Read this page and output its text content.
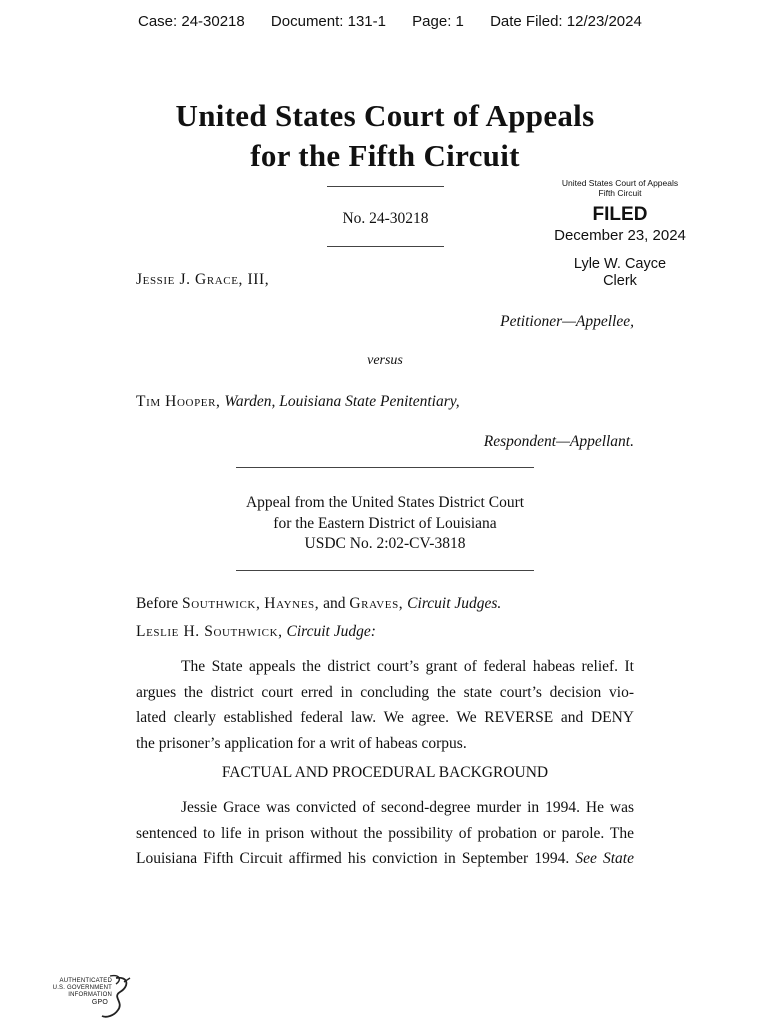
Case: 24-30218 Document: 131-1 Page: 1 Date Filed: 12/23/2024
United States Court of Appeals
for the Fifth Circuit
No. 24-30218
United States Court of Appeals
Fifth Circuit
FILED
December 23, 2024
Lyle W. Cayce
Clerk
Jessie J. Grace, III,
Petitioner—Appellee,
versus
Tim Hooper, Warden, Louisiana State Penitentiary,
Respondent—Appellant.
Appeal from the United States District Court
for the Eastern District of Louisiana
USDC No. 2:02-CV-3818
Before Southwick, Haynes, and Graves, Circuit Judges.
Leslie H. Southwick, Circuit Judge:
The State appeals the district court’s grant of federal habeas relief. It
argues the district court erred in concluding the state court’s decision vio-
lated clearly established federal law. We agree. We REVERSE and DENY
the prisoner’s application for a writ of habeas corpus.
FACTUAL AND PROCEDURAL BACKGROUND
Jessie Grace was convicted of second-degree murder in 1994. He was
sentenced to life in prison without the possibility of probation or parole. The
Louisiana Fifth Circuit affirmed his conviction in September 1994. See State
AUTHENTICATED
U.S. GOVERNMENT
INFORMATION
GPO
